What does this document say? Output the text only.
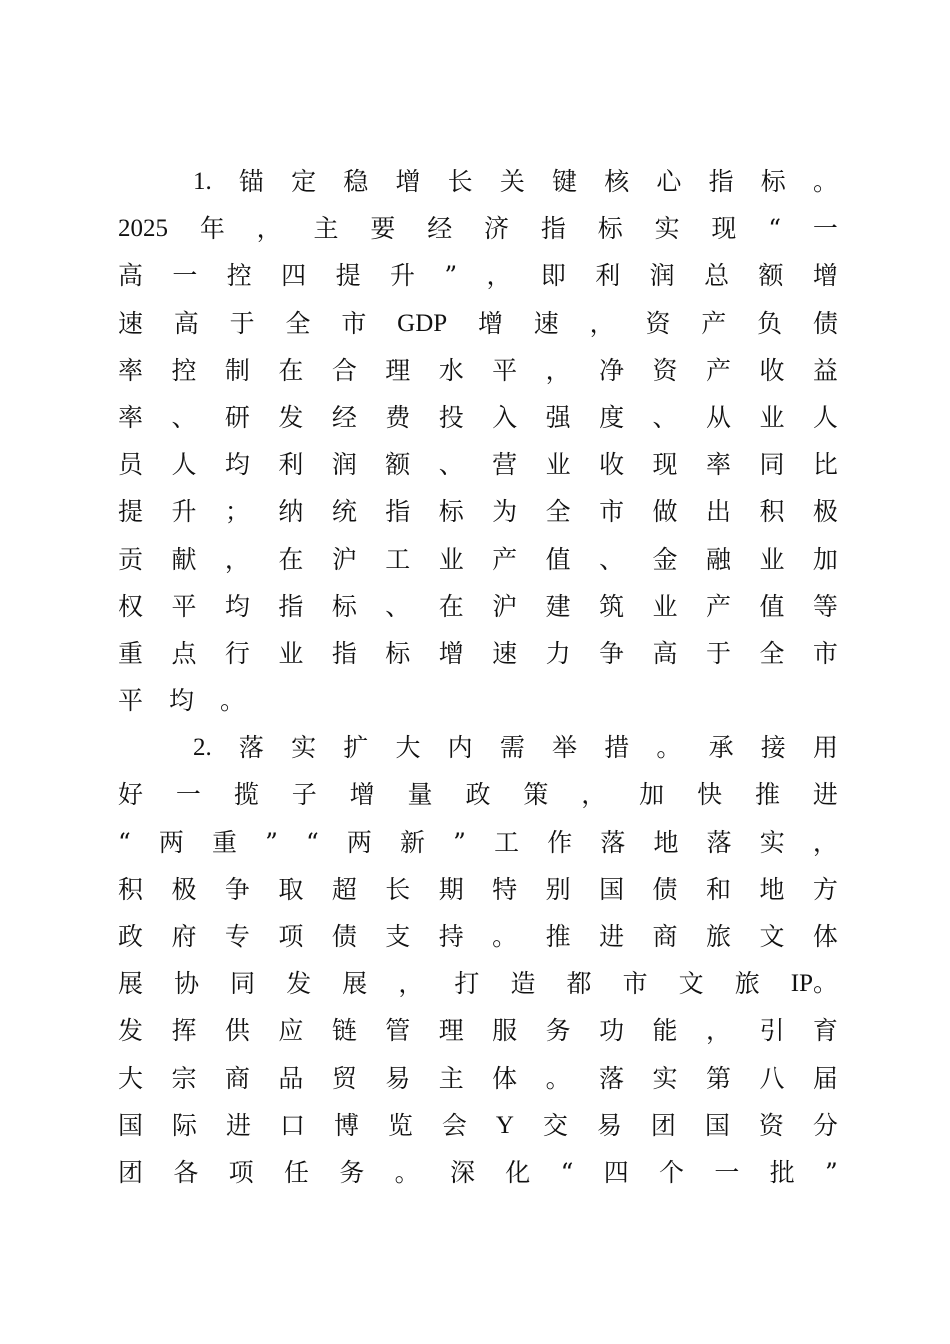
1. 锚 定 稳 增 长 关 键 核 心 指 标 。
2025 年 ， 主 要 经 济 指 标 实 现 “ 一
高 一 控 四 提 升 ” ， 即 利 润 总 额 增
速 高 于 全 市 GDP 增 速 ， 资 产 负 债
率 控 制 在 合 理 水 平 ， 净 资 产 收 益
率 、 研 发 经 费 投 入 强 度 、 从 业 人
员 人 均 利 润 额 、 营 业 收 现 率 同 比
提 升 ； 纳 统 指 标 为 全 市 做 出 积 极
贡 献 ， 在 沪 工 业 产 值 、 金 融 业 加
权 平 均 指 标 、 在 沪 建 筑 业 产 值 等
重 点 行 业 指 标 增 速 力 争 高 于 全 市
平 均 。
2. 落 实 扩 大 内 需 举 措 。 承 接 用
好 一 揽 子 增 量 政 策 ， 加 快 推 进
“ 两 重 ” “ 两 新 ” 工 作 落 地 落 实 ，
积 极 争 取 超 长 期 特 别 国 债 和 地 方
政 府 专 项 债 支 持 。 推 进 商 旅 文 体
展 协 同 发 展 ， 打 造 都 市 文 旅 IP。
发 挥 供 应 链 管 理 服 务 功 能 ， 引 育
大 宗 商 品 贸 易 主 体 。 落 实 第 八 届
国 际 进 口 博 览 会 Y 交 易 团 国 资 分
团 各 项 任 务 。 深 化 “ 四 个 一 批 ”
